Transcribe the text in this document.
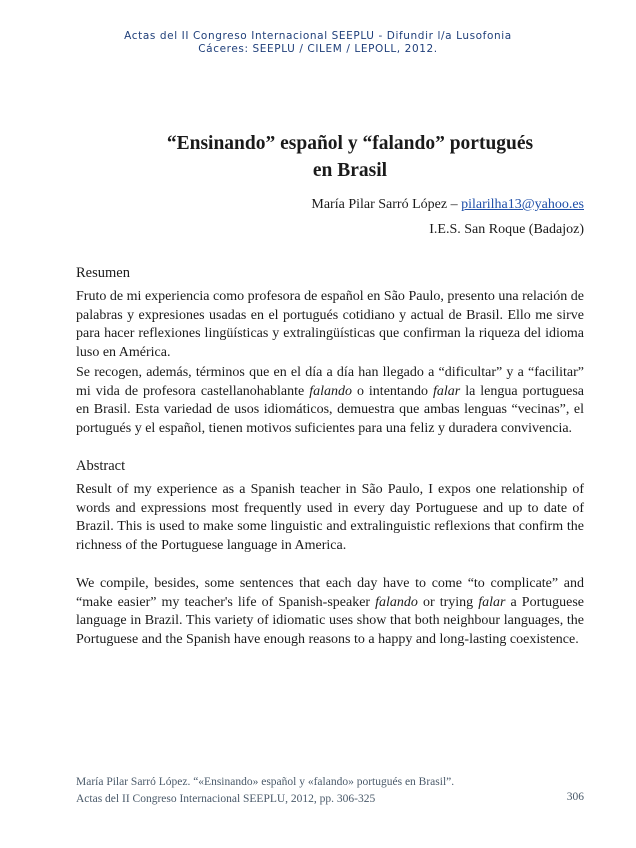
Actas del II Congreso Internacional SEEPLU - Difundir l/a Lusofonia
Cáceres: SEEPLU / CILEM / LEPOLL, 2012.
“Ensinando” español y “falando” portugués
en Brasil
María Pilar Sarró López – pilarilha13@yahoo.es
I.E.S. San Roque (Badajoz)
Resumen

Fruto de mi experiencia como profesora de español en São Paulo, presento una relación de palabras y expresiones usadas en el portugués cotidiano y actual de Brasil. Ello me sirve para hacer reflexiones lingüísticas y extralingüísticas que confirman la riqueza del idioma luso en América.

Se recogen, además, términos que en el día a día han llegado a “dificultar” y a “facilitar” mi vida de profesora castellanohablante falando o intentando falar la lengua portuguesa en Brasil. Esta variedad de usos idiomáticos, demuestra que ambas lenguas “vecinas”, el portugués y el español, tienen motivos suficientes para una feliz y duradera convivencia.

Abstract

Result of my experience as a Spanish teacher in São Paulo, I expos one relationship of words and expressions most frequently used in every day Portuguese and up to date of Brazil. This is used to make some linguistic and extralinguistic reflexions that confirm the richness of the Portuguese language in America.

We compile, besides, some sentences that each day have to come “to complicate” and “make easier” my teacher's life of Spanish-speaker falando or trying falar a Portuguese language in Brazil. This variety of idiomatic uses show that both neighbour languages, the Portuguese and the Spanish have enough reasons to a happy and long-lasting coexistence.

María Pilar Sarró López. “«Ensinando» español y «falando» portugués en Brasil”.
Actas del II Congreso Internacional SEEPLU, 2012, pp. 306-325	306
